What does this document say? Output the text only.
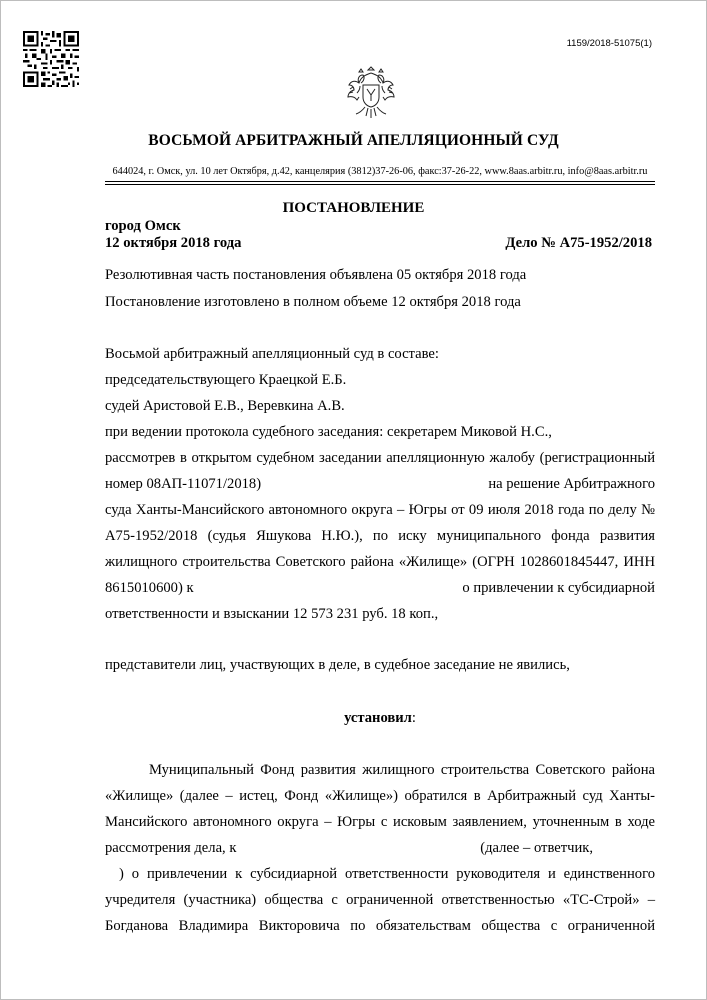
1159/2018-51075(1)
ВОСЬМОЙ АРБИТРАЖНЫЙ АПЕЛЛЯЦИОННЫЙ СУД
644024, г. Омск, ул. 10 лет Октября, д.42, канцелярия (3812)37-26-06, факс:37-26-22, www.8aas.arbitr.ru, info@8aas.arbitr.ru
ПОСТАНОВЛЕНИЕ
город Омск
12 октября 2018 года	Дело № А75-1952/2018
Резолютивная часть постановления объявлена 05 октября 2018 года
Постановление изготовлено в полном объеме 12 октября 2018 года
Восьмой арбитражный апелляционный суд в составе:
председательствующего Краецкой Е.Б.
судей Аристовой Е.В., Веревкина А.В.
при ведении протокола судебного заседания: секретарем Миковой Н.С.,
рассмотрев в открытом судебном заседании апелляционную жалобу (регистрационный
номер 08АП-11071/2018)	на решение Арбитражного
суда Ханты-Мансийского автономного округа – Югры от 09 июля 2018 года по делу №
А75-1952/2018 (судья Яшукова Н.Ю.), по иску муниципального фонда развития
жилищного строительства Советского района «Жилище» (ОГРН 1028601845447, ИНН
8615010600) к	о привлечении к субсидиарной
ответственности и взыскании 12 573 231 руб. 18 коп.,
представители лиц, участвующих в деле, в судебное заседание не явились,
установил:
Муниципальный Фонд развития жилищного строительства Советского района
«Жилище» (далее – истец, Фонд «Жилище») обратился в Арбитражный суд Ханты-
Мансийского автономного округа – Югры с исковым заявлением, уточненным в ходе
рассмотрения дела, к	(далее – ответчик,
) о привлечении к субсидиарной ответственности руководителя и единственного
учредителя (участника) общества с ограниченной ответственностью «ТС-Строй» –
Богданова Владимира Викторовича по обязательствам общества с ограниченной
